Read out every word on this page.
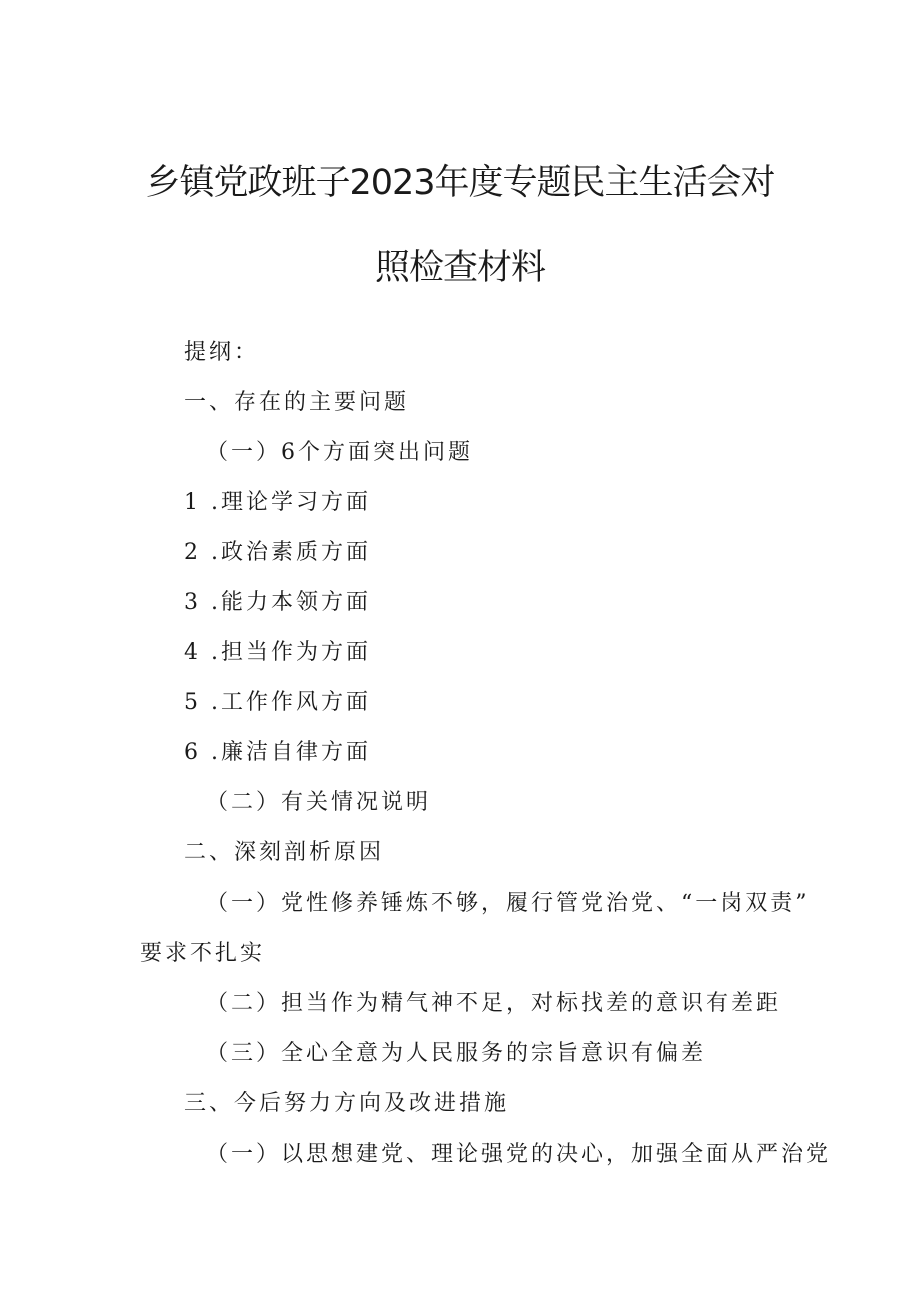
乡镇党政班子2023年度专题民主生活会对
照检查材料
提纲：
一、存在的主要问题
（一）6个方面突出问题
1 .理论学习方面
2 .政治素质方面
3 .能力本领方面
4 .担当作为方面
5 .工作作风方面
6 .廉洁自律方面
（二）有关情况说明
二、深刻剖析原因
（一）党性修养锤炼不够，履行管党治党、“一岗双责”
要求不扎实
（二）担当作为精气神不足，对标找差的意识有差距
（三）全心全意为人民服务的宗旨意识有偏差
三、今后努力方向及改进措施
（一）以思想建党、理论强党的决心，加强全面从严治党
